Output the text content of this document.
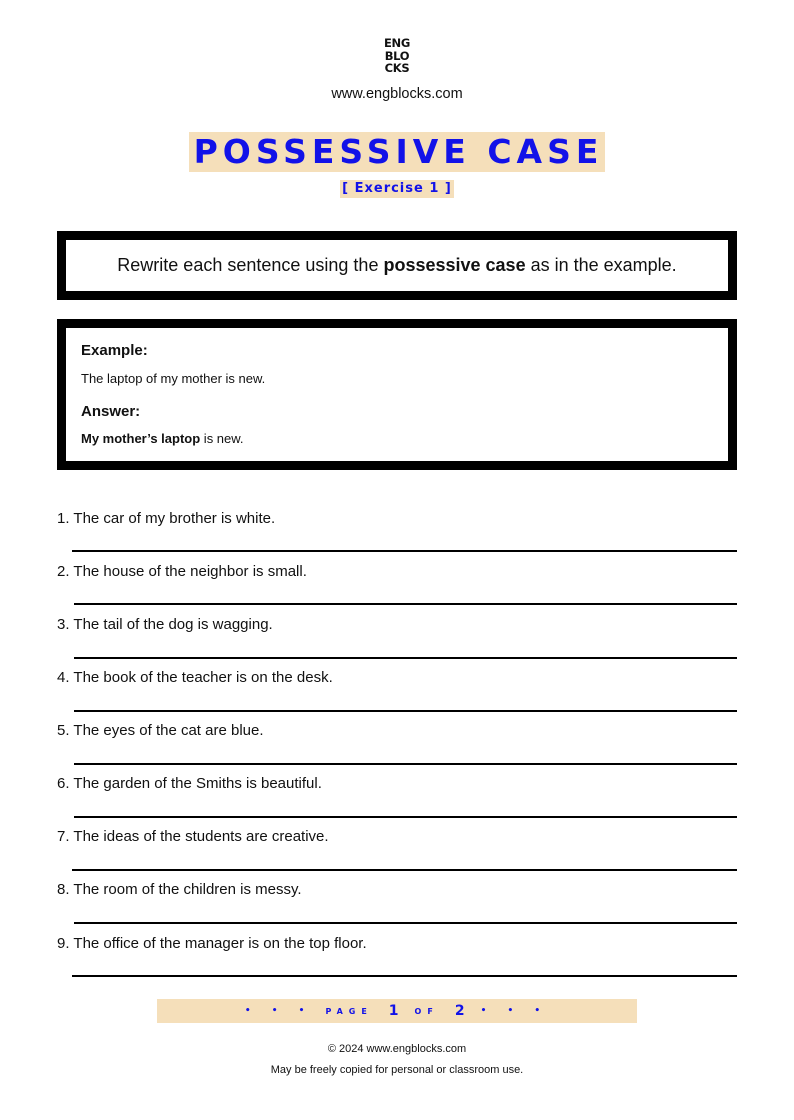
ENG
BLO
CKS
www.engblocks.com
POSSESSIVE CASE
[ Exercise 1 ]
Rewrite each sentence using the possessive case as in the example.
Example:
The laptop of my mother is new.
Answer:
My mother’s laptop is new.
1. The car of my brother is white.
2. The house of the neighbor is small.
3. The tail of the dog is wagging.
4. The book of the teacher is on the desk.
5. The eyes of the cat are blue.
6. The garden of the Smiths is beautiful.
7. The ideas of the students are creative.
8. The room of the children is messy.
9. The office of the manager is on the top floor.
• • • PAGE 1 OF 2 • • •
© 2024 www.engblocks.com
May be freely copied for personal or classroom use.
